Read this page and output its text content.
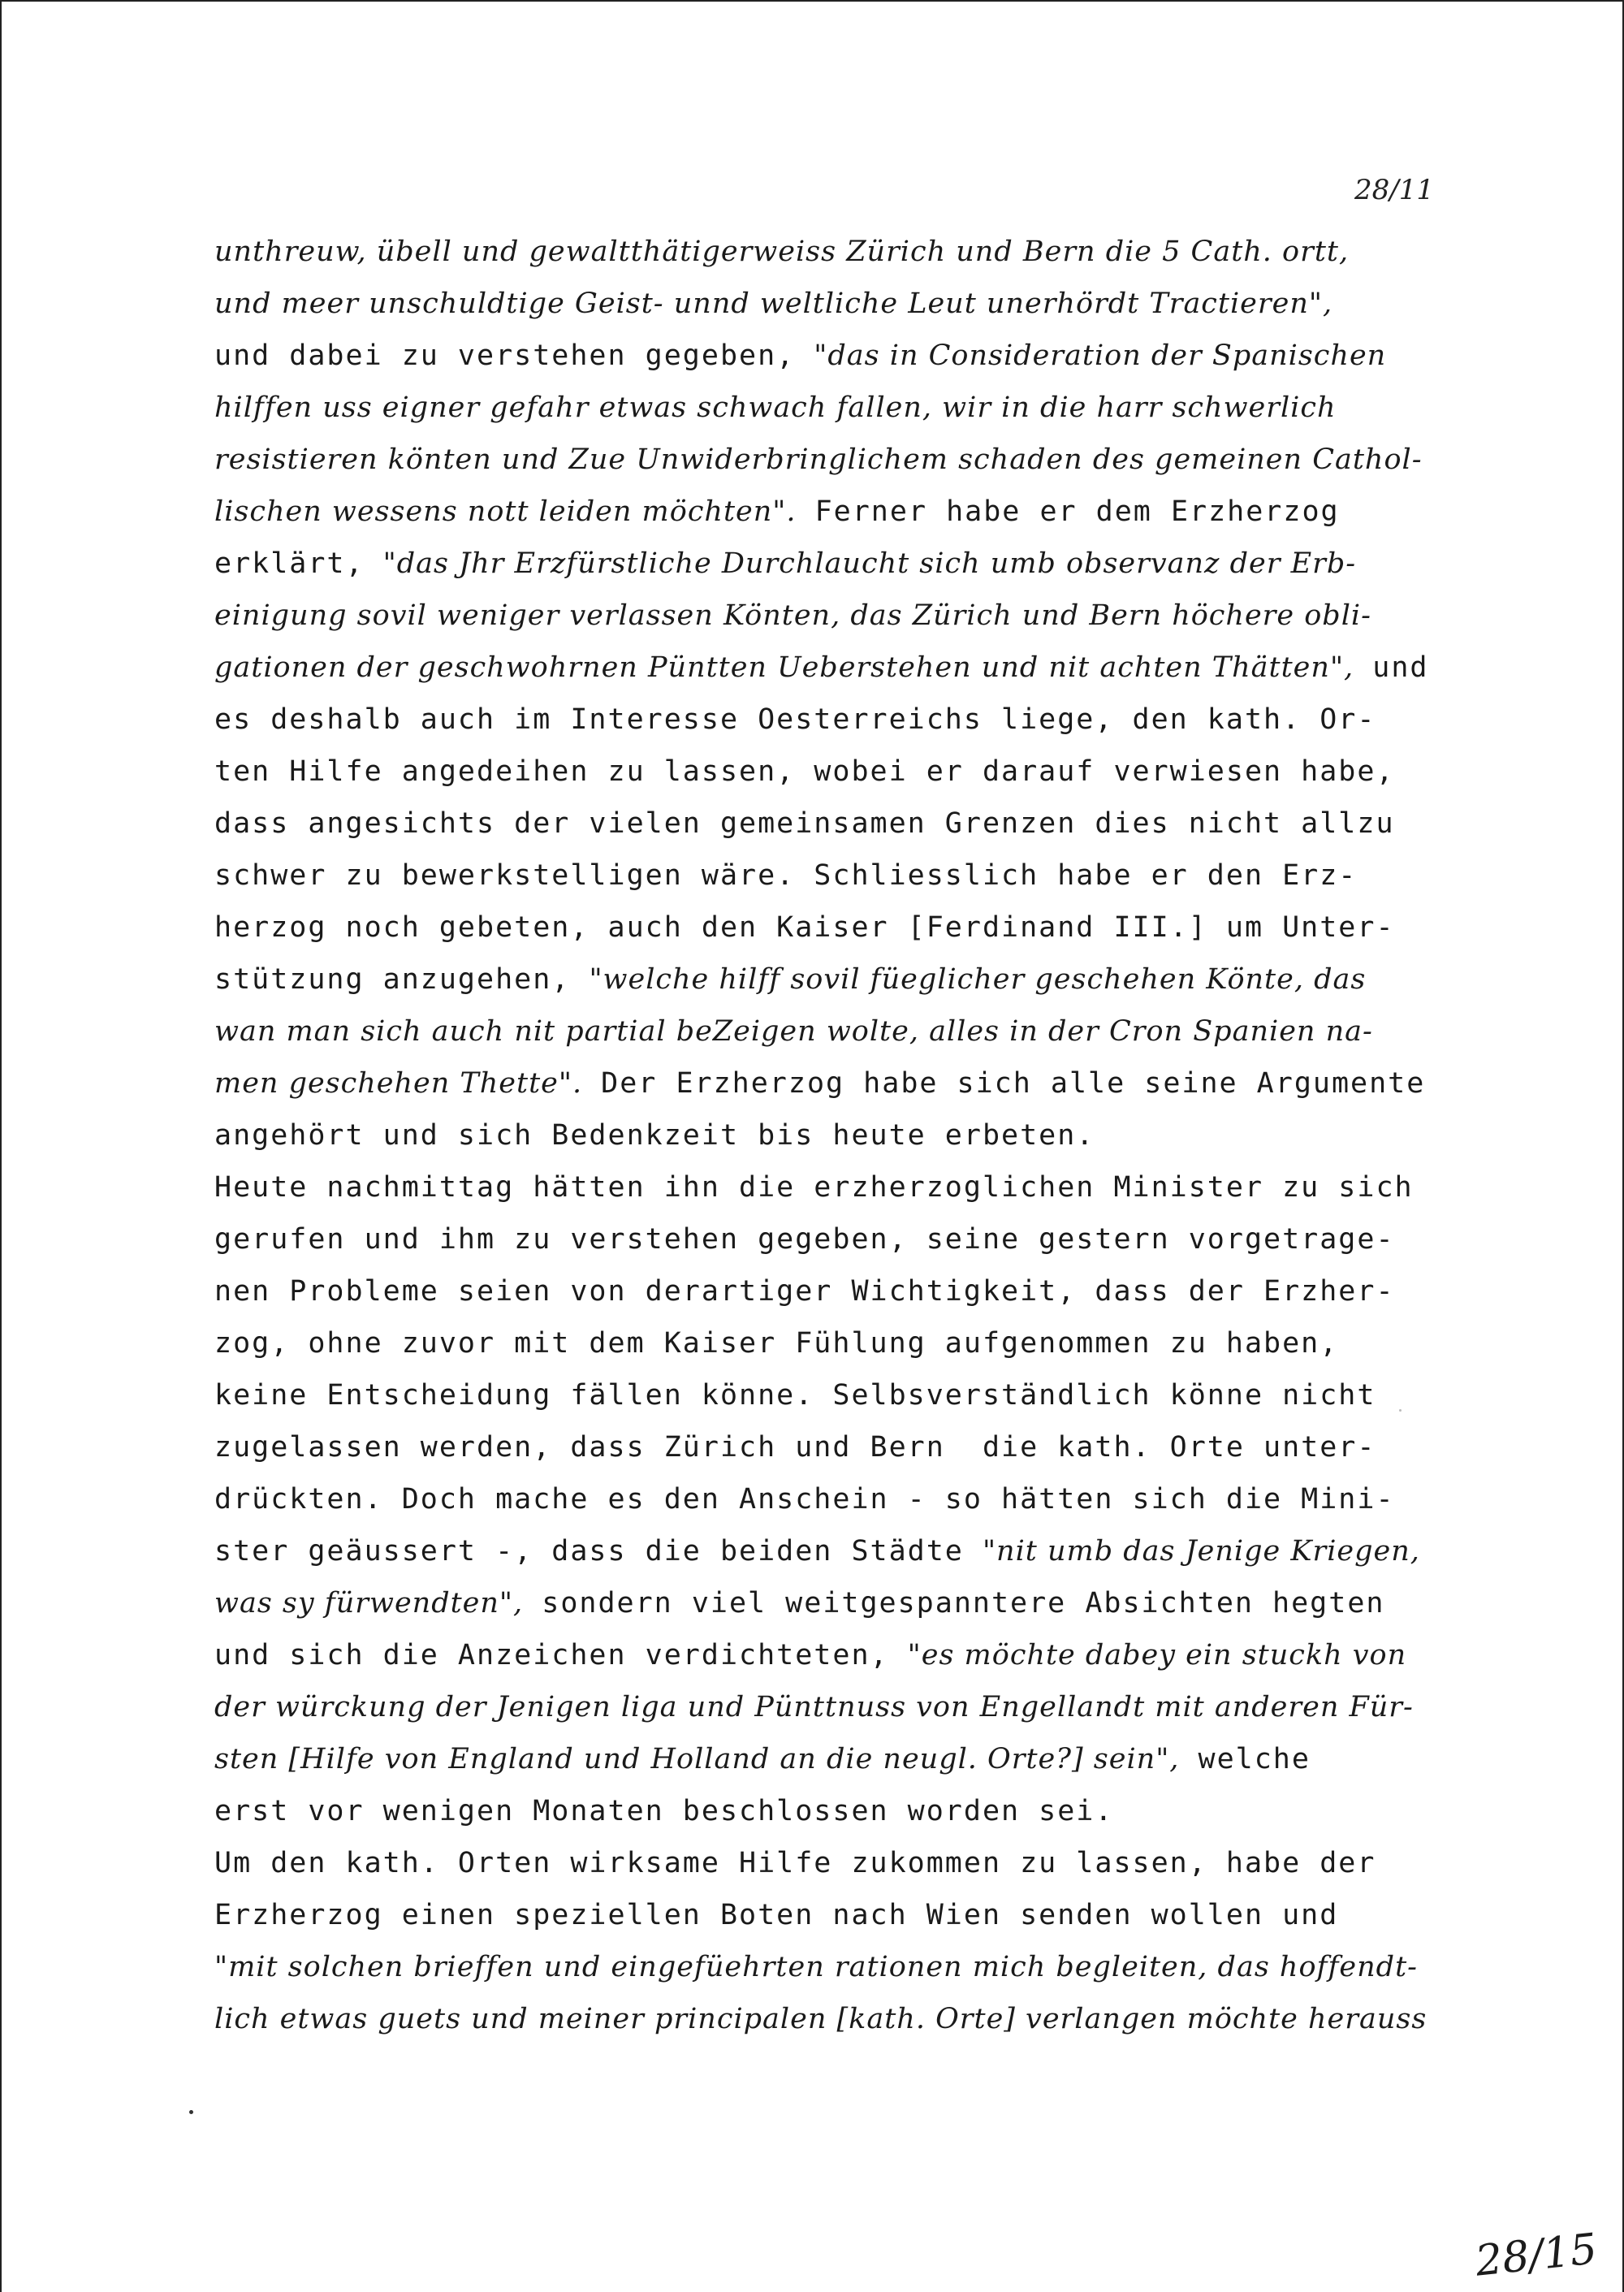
28/11
unthreuw, übell und gewaltthätigerweiss Zürich und Bern die 5 Cath. ortt,
und meer unschuldtige Geist- unnd weltliche Leut unerhördt Tractieren",
und dabei zu verstehen gegeben, "das in Consideration der Spanischen
hilffen uss eigner gefahr etwas schwach fallen, wir in die harr schwerlich
resistieren könten und Zue Unwiderbringlichem schaden des gemeinen Cathol-
lischen wessens nott leiden möchten". Ferner habe er dem Erzherzog
erklärt, "das Jhr Erzfürstliche Durchlaucht sich umb observanz der Erb-
einigung sovil weniger verlassen Könten, das Zürich und Bern höchere obli-
gationen der geschwohrnen Püntten Ueberstehen und nit achten Thätten", und
es deshalb auch im Interesse Oesterreichs liege, den kath. Or-
ten Hilfe angedeihen zu lassen, wobei er darauf verwiesen habe,
dass angesichts der vielen gemeinsamen Grenzen dies nicht allzu
schwer zu bewerkstelligen wäre. Schliesslich habe er den Erz-
herzog noch gebeten, auch den Kaiser [Ferdinand III.] um Unter-
stützung anzugehen, "welche hilff sovil füeglicher geschehen Könte, das
wan man sich auch nit partial beZeigen wolte, alles in der Cron Spanien na-
men geschehen Thette". Der Erzherzog habe sich alle seine Argumente
angehört und sich Bedenkzeit bis heute erbeten.
Heute nachmittag hätten ihn die erzherzoglichen Minister zu sich
gerufen und ihm zu verstehen gegeben, seine gestern vorgetrage-
nen Probleme seien von derartiger Wichtigkeit, dass der Erzher-
zog, ohne zuvor mit dem Kaiser Fühlung aufgenommen zu haben,
keine Entscheidung fällen könne. Selbsverständlich könne nicht
zugelassen werden, dass Zürich und Bern  die kath. Orte unter-
drückten. Doch mache es den Anschein - so hätten sich die Mini-
ster geäussert -, dass die beiden Städte "nit umb das Jenige Kriegen,
was sy fürwendten", sondern viel weitgespanntere Absichten hegten
und sich die Anzeichen verdichteten, "es möchte dabey ein stuckh von
der würckung der Jenigen liga und Pünttnuss von Engellandt mit anderen Für-
sten [Hilfe von England und Holland an die neugl. Orte?] sein", welche
erst vor wenigen Monaten beschlossen worden sei.
Um den kath. Orten wirksame Hilfe zukommen zu lassen, habe der
Erzherzog einen speziellen Boten nach Wien senden wollen und
"mit solchen brieffen und eingefüehrten rationen mich begleiten, das hoffendt-
lich etwas guets und meiner principalen [kath. Orte] verlangen möchte herauss
28/15
